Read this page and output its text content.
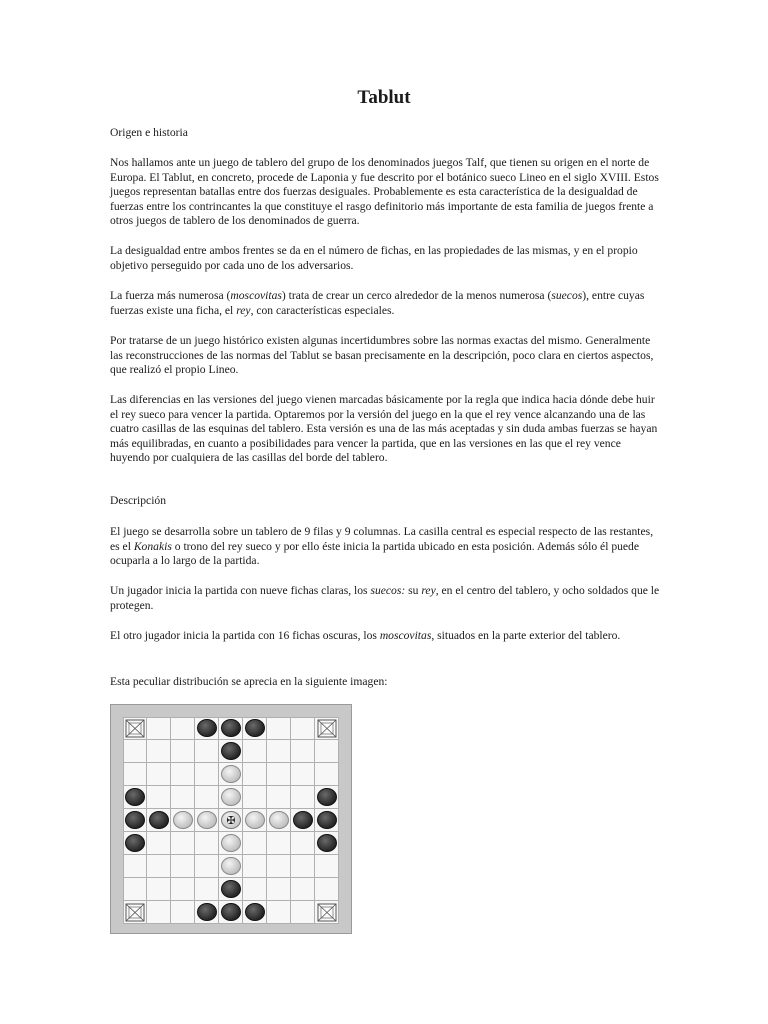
Tablut

Origen e historia

Nos hallamos ante un juego de tablero del grupo de los denominados juegos Talf, que tienen su origen en el norte de Europa. El Tablut, en concreto, procede de Laponia y fue descrito por el botánico sueco Lineo en el siglo XVIII. Estos juegos representan batallas entre dos fuerzas desiguales. Probablemente es esta característica de la desigualdad de fuerzas entre los contrincantes la que constituye el rasgo definitorio más importante de esta familia de juegos frente a otros juegos de tablero de los denominados de guerra.

La desigualdad entre ambos frentes se da en el número de fichas, en las propiedades de las mismas, y en el propio objetivo perseguido por cada uno de los adversarios.

La fuerza más numerosa (moscovitas) trata de crear un cerco alrededor de la menos numerosa (suecos), entre cuyas fuerzas existe una ficha, el rey, con características especiales.

Por tratarse de un juego histórico existen algunas incertidumbres sobre las normas exactas del mismo. Generalmente las reconstrucciones de las normas del Tablut se basan precisamente en la descripción, poco clara en ciertos aspectos, que realizó el propio Lineo.

Las diferencias en las versiones del juego vienen marcadas básicamente por la regla que indica hacia dónde debe huir el rey sueco para vencer la partida. Optaremos por la versión del juego en la que el rey vence alcanzando una de las cuatro casillas de las esquinas del tablero. Esta versión es una de las más aceptadas y sin duda ambas fuerzas se hayan más equilibradas, en cuanto a posibilidades para vencer la partida, que en las versiones en las que el rey vence huyendo por cualquiera de las casillas del borde del tablero.

Descripción

El juego se desarrolla sobre un tablero de 9 filas y 9 columnas. La casilla central es especial respecto de las restantes, es el Konakis o trono del rey sueco y por ello éste inicia la partida ubicado en esta posición. Además sólo él puede ocuparla a lo largo de la partida.

Un jugador inicia la partida con nueve fichas claras, los suecos: su rey, en el centro del tablero, y ocho soldados que le protegen.

El otro jugador inicia la partida con 16 fichas oscuras, los moscovitas, situados en la parte exterior del tablero.

Esta peculiar distribución se aprecia en la siguiente imagen:

✠
